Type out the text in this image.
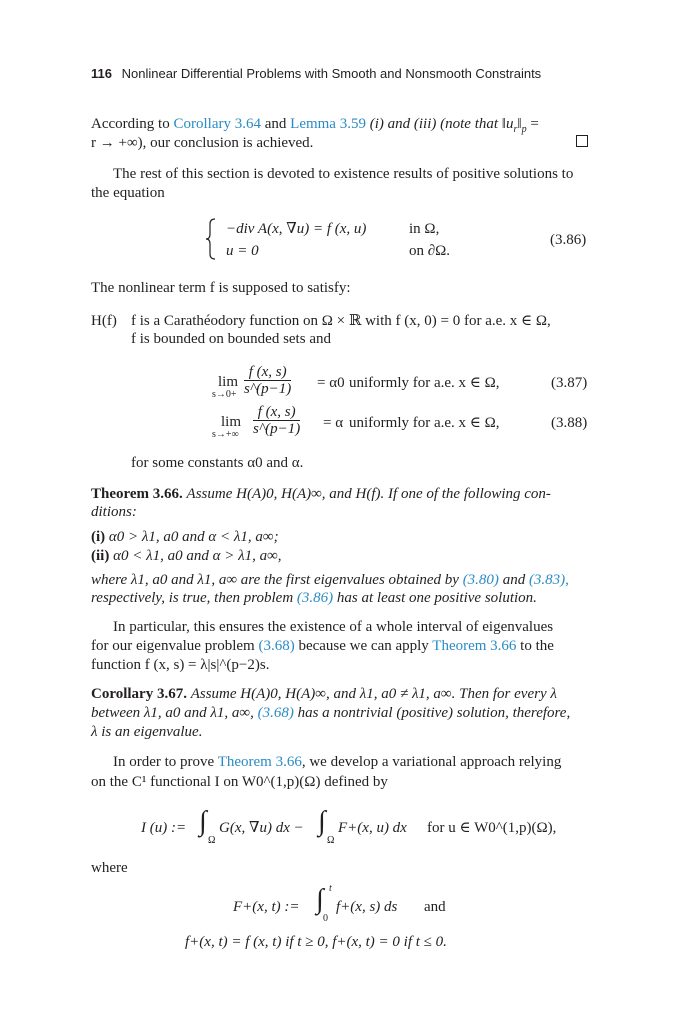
116 Nonlinear Differential Problems with Smooth and Nonsmooth Constraints
According to Corollary 3.64 and Lemma 3.59 (i) and (iii) (note that $‖u_r‖_p$ =
r → +∞), our conclusion is achieved.
The rest of this section is devoted to existence results of positive solutions to
the equation
−div A(x, ∇u) = f (x, u)	in Ω,
u = 0	on ∂Ω.
(3.86)
The nonlinear term f is supposed to satisfy:
H(f) f is a Carathéodory function on Ω × ℝ with f (x, 0) = 0 for a.e. x ∈ Ω,
f is bounded on bounded sets and
lim
$s\to 0+ \frac{f (x, s)}{s\^{}(p-1)} = \alpha 0$ uniformly for a.e. x ∈ Ω,	(3.87)
lim
$s\to+\infty \frac{f (x, s)}{s\^{}(p-1)} = \alpha$ uniformly for a.e. x ∈ Ω,	(3.88)
for some constants α0 and α.
Theorem 3.66. Assume H(A)0, H(A)∞, and H(f). If one of the following con-
ditions:
(i) α0 > λ1, a0 and α < λ1, a∞;
(ii) α0 < λ1, a0 and α > λ1, a∞,
where λ1, a0 and λ1, a∞ are the first eigenvalues obtained by (3.80) and (3.83),
respectively, is true, then problem (3.86) has at least one positive solution.
In particular, this ensures the existence of a whole interval of eigenvalues
for our eigenvalue problem (3.68) because we can apply Theorem 3.66 to the
function f (x, s) = λ|s|^(p−2)s.
Corollary 3.67. Assume H(A)0, H(A)∞, and λ1, a0 ≠ λ1, a∞. Then for every λ
between λ1, a0 and λ1, a∞, (3.68) has a nontrivial (positive) solution, therefore,
λ is an eigenvalue.
In order to prove Theorem 3.66, we develop a variational approach relying
on the C¹ functional I on W0^(1,p)(Ω) defined by
I (u) := ∫
Ω
G(x, ∇u) dx − ∫
Ω
F+(x, u) dx for u ∈ W0^(1,p)(Ω),
where
F+(x, t) := ∫ t
0
f+(x, s) ds and
f+(x, t) = f (x, t) if t ≥ 0, f+(x, t) = 0 if t ≤ 0.
